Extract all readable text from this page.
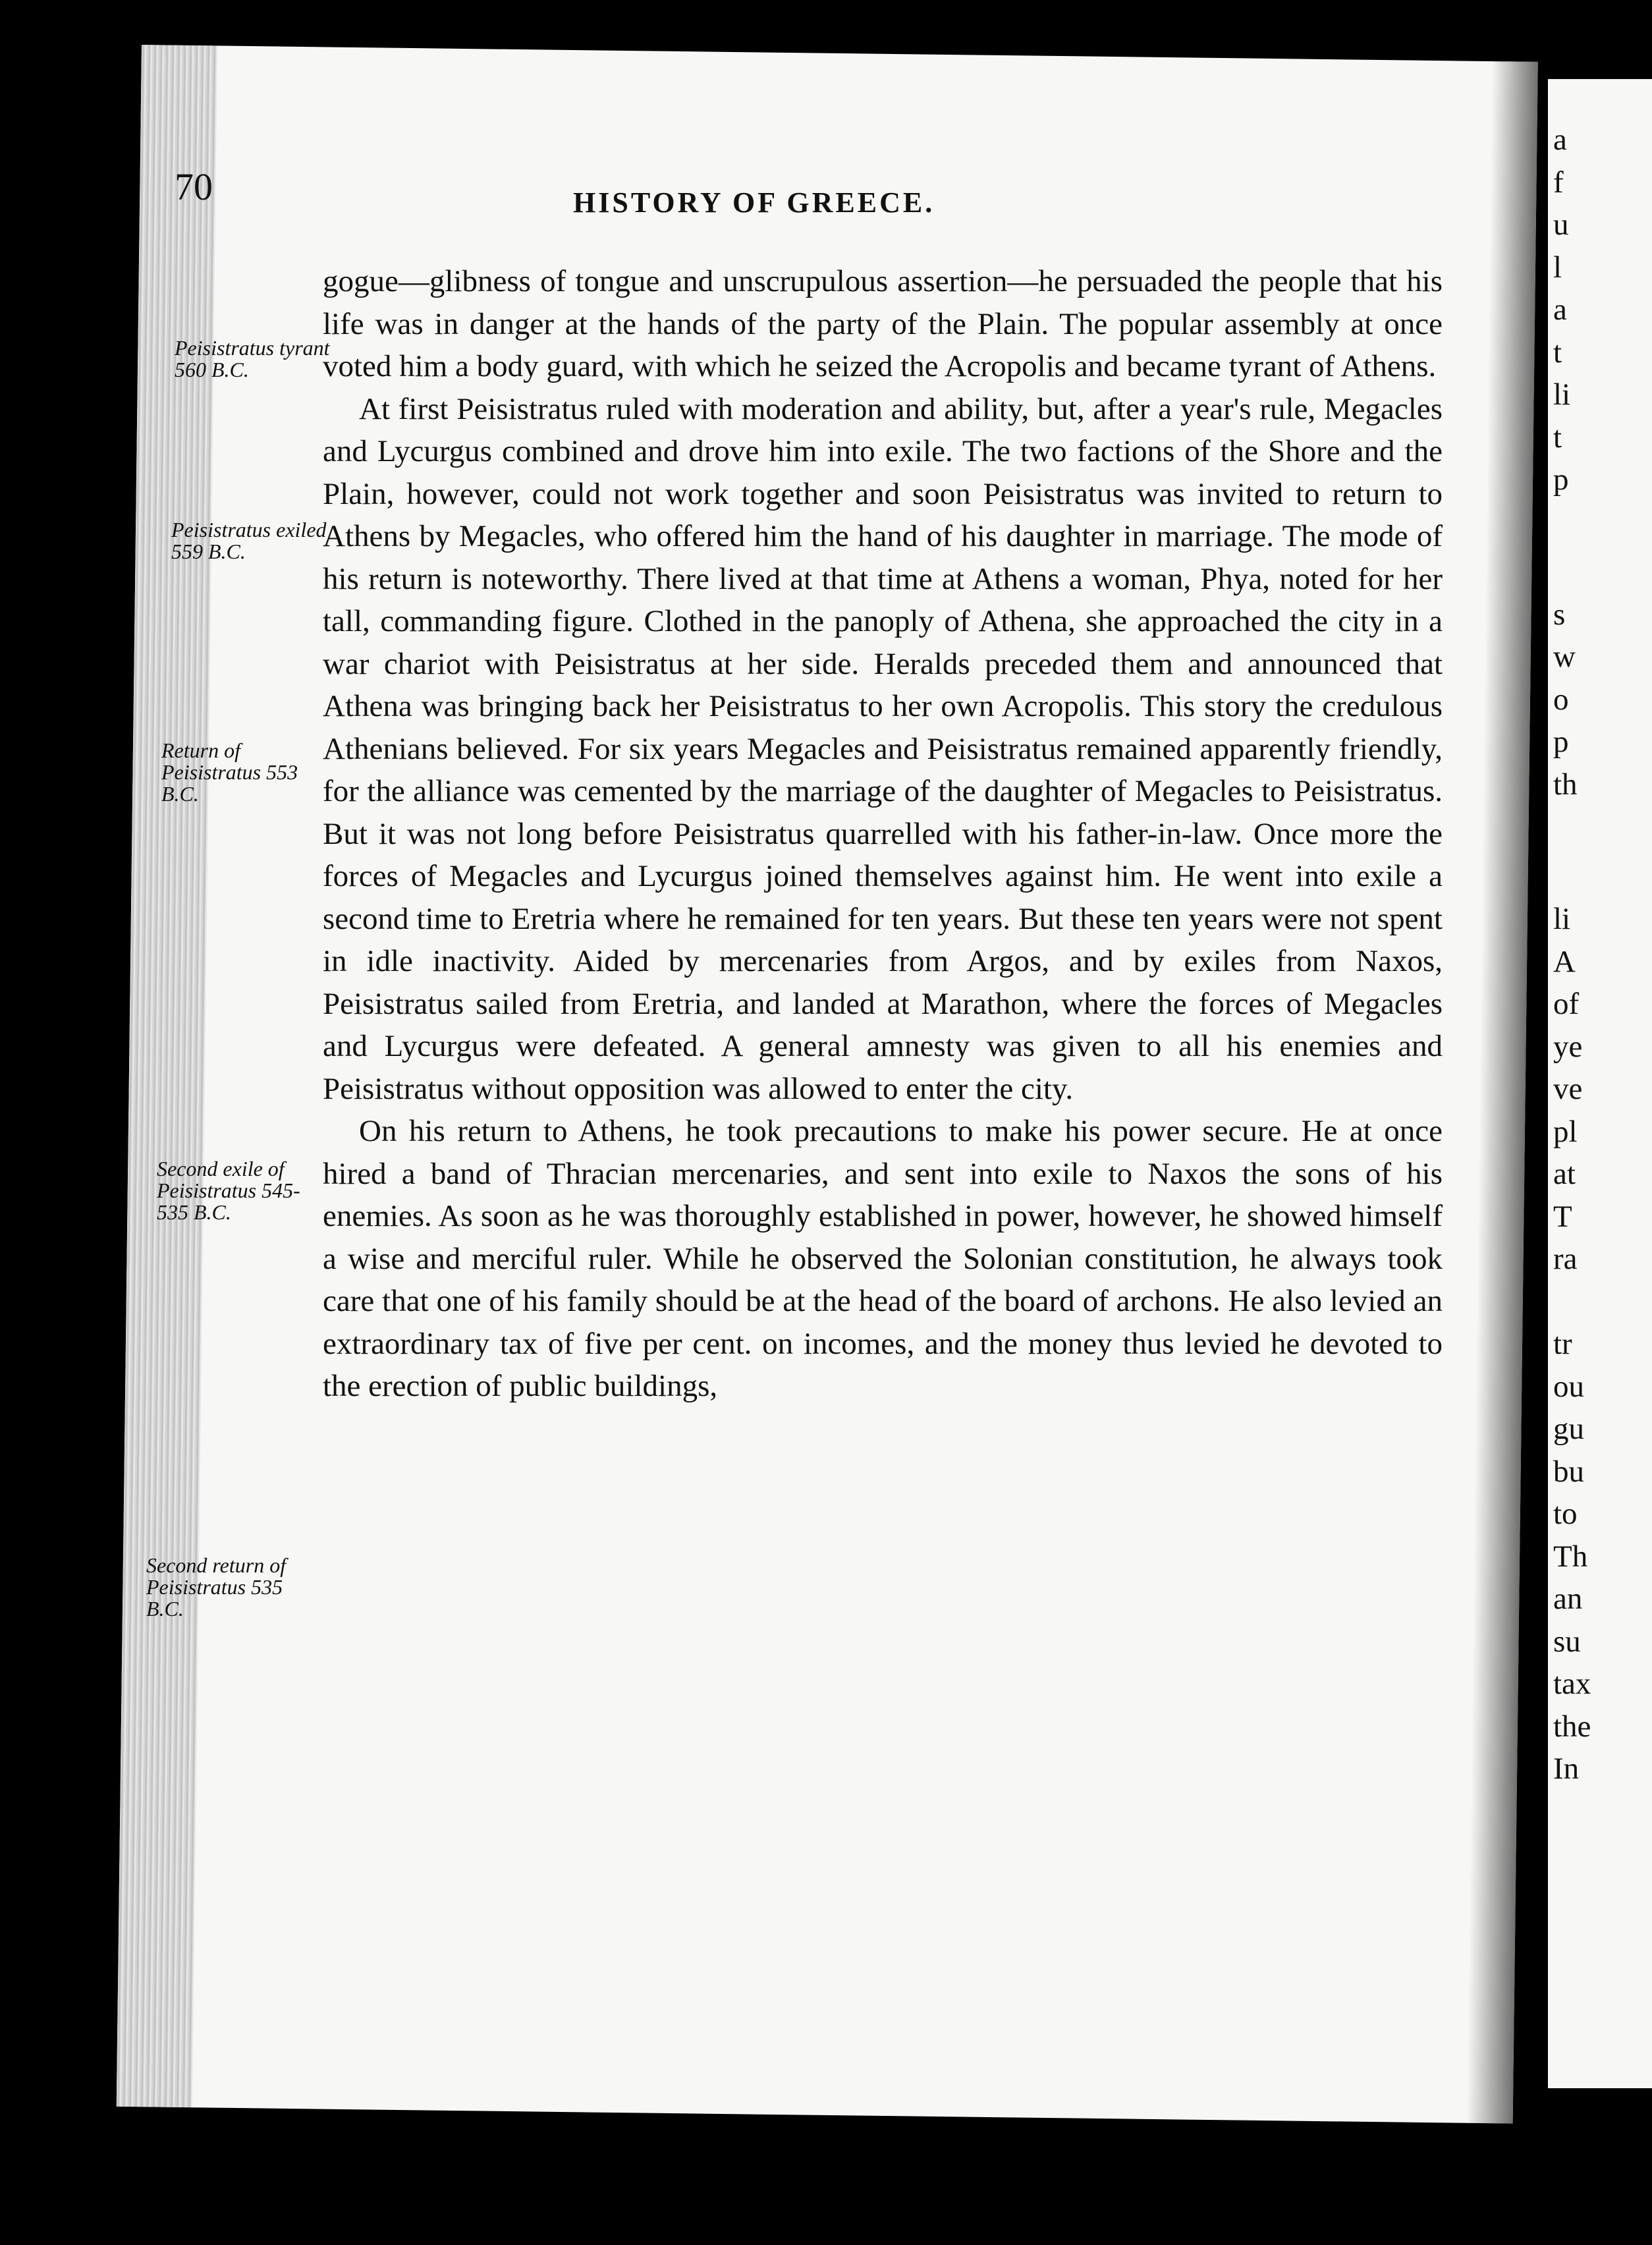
70	HISTORY OF GREECE.
Peisistratus tyrant 560 B.C.
Peisistratus exiled 559 B.C.
Return of Peisistratus 553 B.C.
Second exile of Peisistratus 545-535 B.C.
Second return of Peisistratus 535 B.C.

gogue—glibness of tongue and unscrupulous assertion—he persuaded the people that his life was in danger at the hands of the party of the Plain. The popular assembly at once voted him a body guard, with which he seized the Acropolis and became tyrant of Athens.

At first Peisistratus ruled with moderation and ability, but, after a year's rule, Megacles and Lycurgus combined and drove him into exile. The two factions of the Shore and the Plain, however, could not work together and soon Peisistratus was invited to return to Athens by Megacles, who offered him the hand of his daughter in marriage. The mode of his return is noteworthy. There lived at that time at Athens a woman, Phya, noted for her tall, commanding figure. Clothed in the panoply of Athena, she approached the city in a war chariot with Peisistratus at her side. Heralds preceded them and announced that Athena was bringing back her Peisistratus to her own Acropolis. This story the credulous Athenians believed. For six years Megacles and Peisistratus remained apparently friendly, for the alliance was cemented by the marriage of the daughter of Megacles to Peisistratus. But it was not long before Peisistratus quarrelled with his father-in-law. Once more the forces of Megacles and Lycurgus joined themselves against him. He went into exile a second time to Eretria where he remained for ten years. But these ten years were not spent in idle inactivity. Aided by mercenaries from Argos, and by exiles from Naxos, Peisistratus sailed from Eretria, and landed at Marathon, where the forces of Megacles and Lycurgus were defeated. A general amnesty was given to all his enemies and Peisistratus without opposition was allowed to enter the city.

On his return to Athens, he took precautions to make his power secure. He at once hired a band of Thracian mercenaries, and sent into exile to Naxos the sons of his enemies. As soon as he was thoroughly established in power, however, he showed himself a wise and merciful ruler. While he observed the Solonian constitution, he always took care that one of his family should be at the head of the board of archons. He also levied an extraordinary tax of five per cent. on incomes, and the money thus levied he devoted to the erection of public buildings,

a
f
u
l
a
t
li
t
p
s
w
o
p
th
li
A
of
ye
ve
pl
at
T
ra

tr
ou
gu
bu
to
Th
an
su
tax
the
In
